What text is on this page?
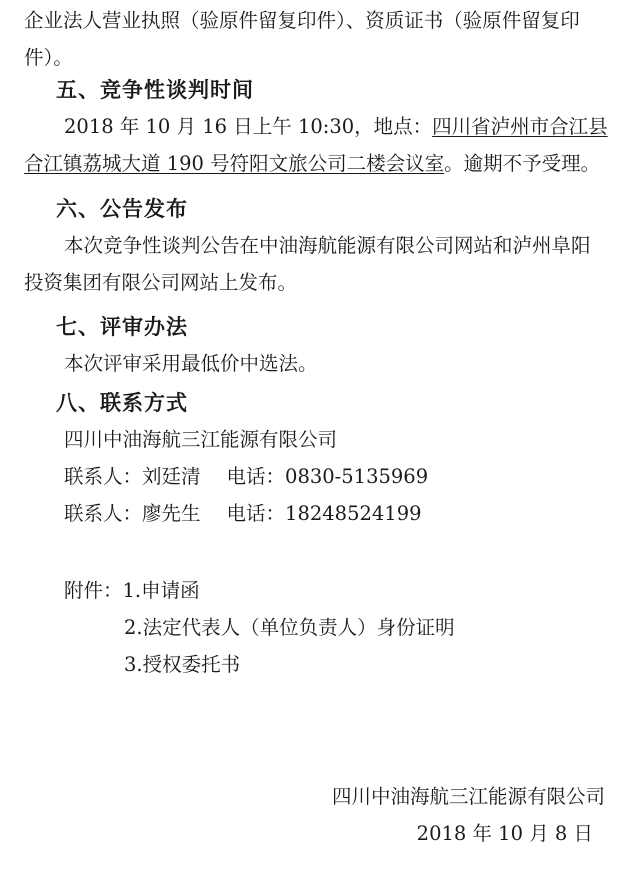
企业法人营业执照（验原件留复印件）、资质证书（验原件留复印件）。

五、竞争性谈判时间

2018 年 10 月 16 日上午 10:30，地点：四川省泸州市合江县合江镇荔城大道 190 号符阳文旅公司二楼会议室。逾期不予受理。

六、公告发布

本次竞争性谈判公告在中油海航能源有限公司网站和泸州阜阳投资集团有限公司网站上发布。

七、评审办法

本次评审采用最低价中选法。

八、联系方式

四川中油海航三江能源有限公司

联系人：刘廷清 电话：0830-5135969

联系人：廖先生 电话：18248524199

附件：1.申请函

2.法定代表人（单位负责人）身份证明

3.授权委托书

四川中油海航三江能源有限公司

2018 年 10 月 8 日
